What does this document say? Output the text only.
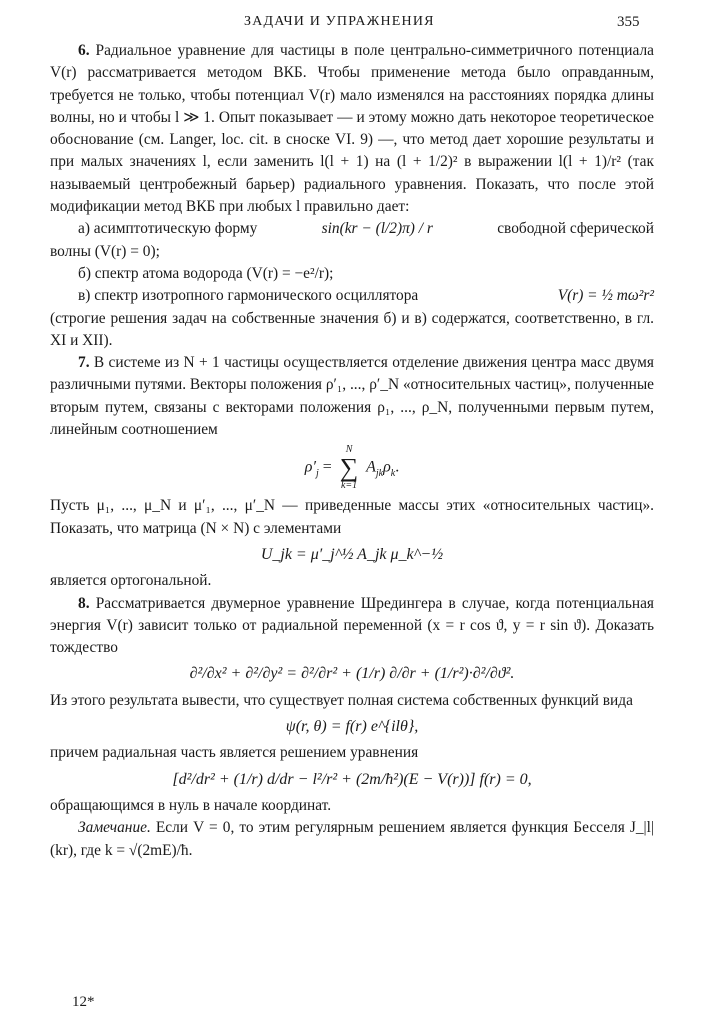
ЗАДАЧИ И УПРАЖНЕНИЯ	355

6. Радиальное уравнение для частицы в поле центрально-симметричного потенциала V(r) рассматривается методом ВКБ. Чтобы применение метода было оправданным, требуется не только, чтобы потенциал V(r) мало изменялся на расстояниях порядка длины волны, но и чтобы l ≫ 1. Опыт показывает — и этому можно дать некоторое теоретическое обоснование (см. Langer, loc. cit. в сноске VI. 9) —, что метод дает хорошие результаты и при малых значениях l, если заменить l(l + 1) на (l + 1/2)² в выражении l(l + 1)/r² (так называемый центробежный барьер) радиального уравнения. Показать, что после этой модификации метод ВКБ при любых l правильно дает:

а) асимптотическую форму	sin(kr − (l/2)π) / r	свободной сферической

волны (V(r) = 0);

б) спектр атома водорода (V(r) = −e²/r);

в) спектр изотропного гармонического осциллятора	V(r) = ½ mω²r²

(строгие решения задач на собственные значения б) и в) содержатся, соответственно, в гл. XI и XII).

7. В системе из N + 1 частицы осуществляется отделение движения центра масс двумя различными путями. Векторы положения ρ′₁, ..., ρ′_N «относительных частиц», полученные вторым путем, связаны с векторами положения ρ₁, ..., ρ_N, полученными первым путем, линейным соотношением

$\rho'_j$ =
N
∑
k=1
$A_{jk}\rho_k$.

Пусть μ₁, ..., μ_N и μ′₁, ..., μ′_N — приведенные массы этих «относительных частиц». Показать, что матрица (N × N) с элементами

U_jk = μ′_j^½ A_jk μ_k^−½

является ортогональной.

8. Рассматривается двумерное уравнение Шредингера в случае, когда потенциальная энергия V(r) зависит только от радиальной переменной (x = r cos ϑ, y = r sin ϑ). Доказать тождество

∂²/∂x² + ∂²/∂y² = ∂²/∂r² + (1/r) ∂/∂r + (1/r²)·∂²/∂ϑ².

Из этого результата вывести, что существует полная система собственных функций вида

ψ(r, θ) = f(r) e^{ilθ},

причем радиальная часть является решением уравнения

[d²/dr² + (1/r) d/dr − l²/r² + (2m/ħ²)(E − V(r))] f(r) = 0,

обращающимся в нуль в начале координат.

Замечание. Если V = 0, то этим регулярным решением является функция Бесселя J_|l| (kr), где k = √(2mE)/ħ.

12*
